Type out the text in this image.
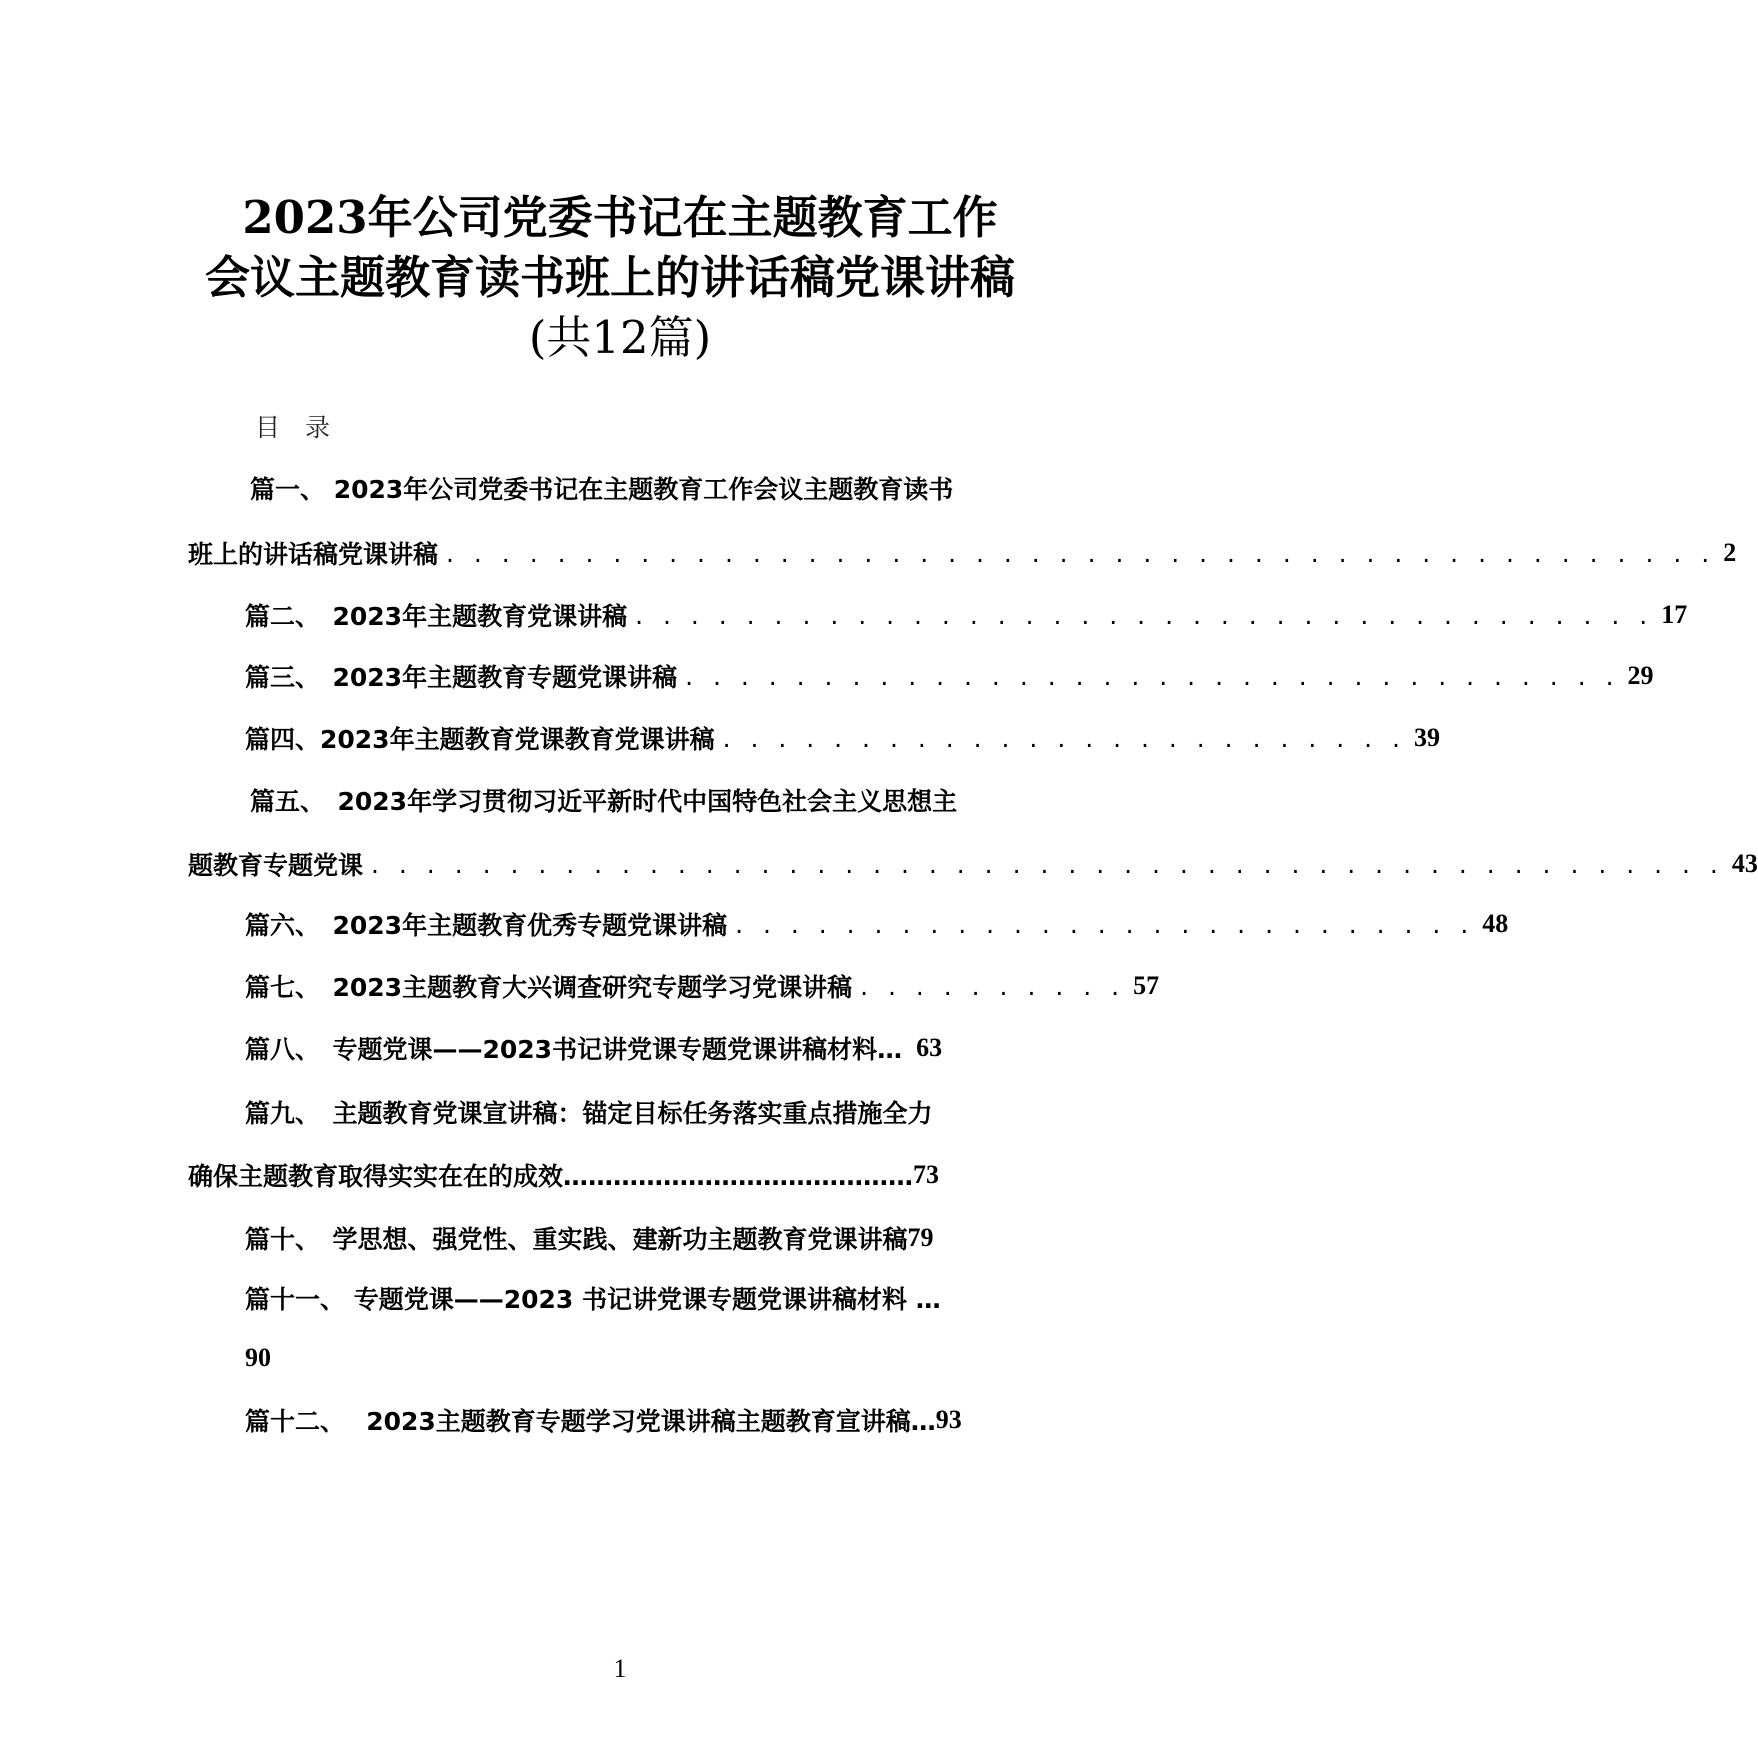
2023年公司党委书记在主题教育工作
会议主题教育读书班上的讲话稿党课讲稿
(共12篇)
目　录
篇一、 2023年公司党委书记在主题教育工作会议主题教育读书
班上的讲话稿党课讲稿 . . . . . . . . . . . . . . . . . . . . . . . . . . . . . . . . . . . . . . . . . . . . . . 2
篇二、　2023年主题教育党课讲稿 . . . . . . . . . . . . . . . . . . . . . . . . . . . . . . . . . . . . . 17
篇三、　2023年主题教育专题党课讲稿 . . . . . . . . . . . . . . . . . . . . . . . . . . . . . . . . . . 29
篇四、2023年主题教育党课教育党课讲稿 . . . . . . . . . . . . . . . . . . . . . . . . . 39
篇五、　2023年学习贯彻习近平新时代中国特色社会主义思想主
题教育专题党课 . . . . . . . . . . . . . . . . . . . . . . . . . . . . . . . . . . . . . . . . . . . . . . . . . 43
篇六、　2023年主题教育优秀专题党课讲稿 . . . . . . . . . . . . . . . . . . . . . . . . . . . 48
篇七、　2023主题教育大兴调查研究专题学习党课讲稿 . . . . . . . . . . 57
篇八、　专题党课——2023书记讲党课专题党课讲稿材料… 63
篇九、　主题教育党课宣讲稿：锚定目标任务落实重点措施全力
确保主题教育取得实实在在的成效…………………………………… 73
篇十、　学思想、强党性、重实践、建新功主题教育党课讲稿 79
篇十一、 专题党课——2023 书记讲党课专题党课讲稿材料 …
90
篇十二、　 2023主题教育专题学习党课讲稿主题教育宣讲稿… 93
1
